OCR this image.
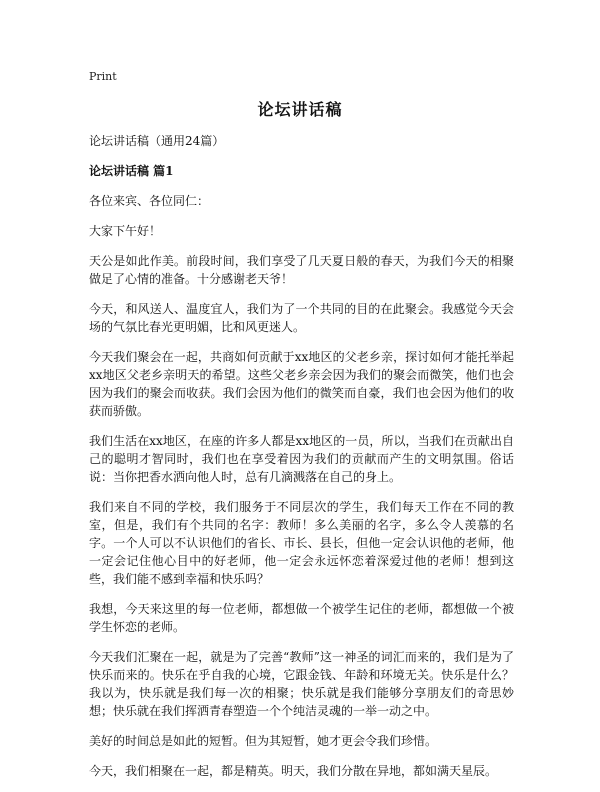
Print
论坛讲话稿

论坛讲话稿（通用24篇）

论坛讲话稿 篇1

各位来宾、各位同仁：

大家下午好！

天公是如此作美。前段时间，我们享受了几天夏日般的春天，为我们今天的相聚做足了心情的准备。十分感谢老天爷！

今天，和风送人、温度宜人，我们为了一个共同的目的在此聚会。我感觉今天会场的气氛比春光更明媚，比和风更迷人。

今天我们聚会在一起，共商如何贡献于xx地区的父老乡亲，探讨如何才能托举起xx地区父老乡亲明天的希望。这些父老乡亲会因为我们的聚会而微笑，他们也会因为我们的聚会而收获。我们会因为他们的微笑而自豪，我们也会因为他们的收获而骄傲。

我们生活在xx地区，在座的许多人都是xx地区的一员，所以，当我们在贡献出自己的聪明才智同时，我们也在享受着因为我们的贡献而产生的文明氛围。俗话说：当你把香水洒向他人时，总有几滴溅落在自己的身上。

我们来自不同的学校，我们服务于不同层次的学生，我们每天工作在不同的教室，但是，我们有个共同的名字：教师！多么美丽的名字，多么令人羡慕的名字。一个人可以不认识他们的省长、市长、县长，但他一定会认识他的老师，他一定会记住他心目中的好老师，他一定会永远怀恋着深爱过他的老师！想到这些，我们能不感到幸福和快乐吗？

我想，今天来这里的每一位老师，都想做一个被学生记住的老师，都想做一个被学生怀恋的老师。

今天我们汇聚在一起，就是为了完善“教师”这一神圣的词汇而来的，我们是为了快乐而来的。快乐在乎自我的心境，它跟金钱、年龄和环境无关。快乐是什么？我以为，快乐就是我们每一次的相聚；快乐就是我们能够分享朋友们的奇思妙想；快乐就在我们挥洒青春塑造一个个纯洁灵魂的一举一动之中。

美好的时间总是如此的短暂。但为其短暂，她才更会令我们珍惜。

今天，我们相聚在一起，都是精英。明天，我们分散在异地，都如满天星辰。
